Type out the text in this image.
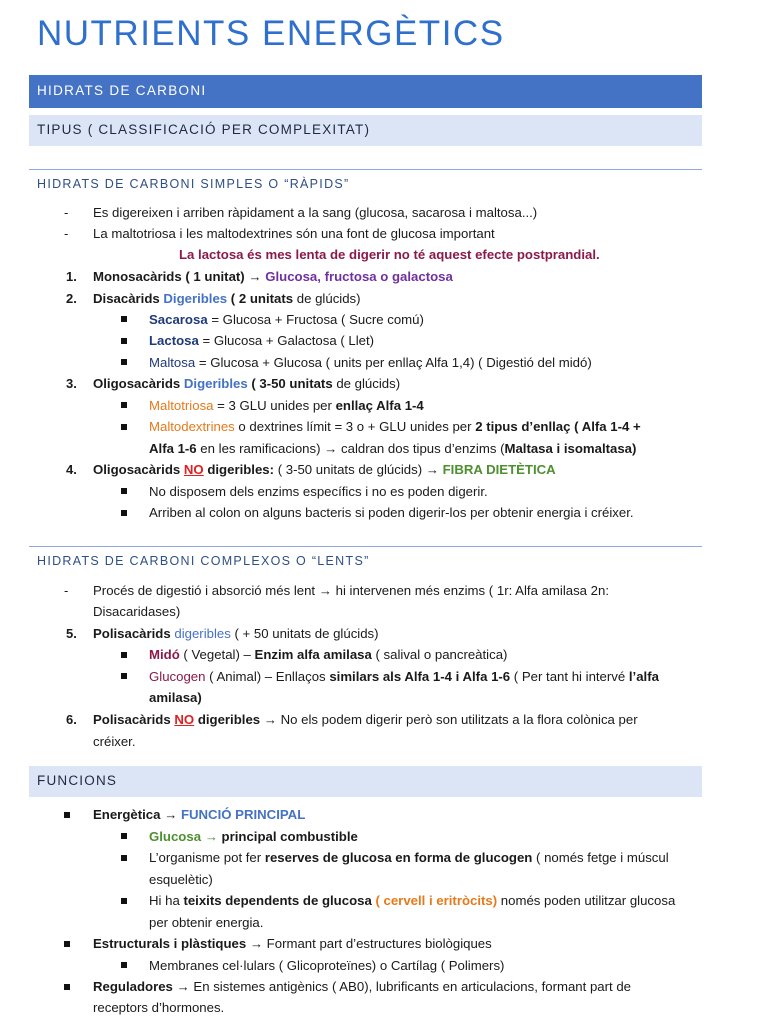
NUTRIENTS ENERGÈTICS
HIDRATS DE CARBONI
TIPUS ( CLASSIFICACIÓ PER COMPLEXITAT)
HIDRATS DE CARBONI SIMPLES O “RÀPIDS”
- Es digereixen i arriben ràpidament a la sang (glucosa, sacarosa i maltosa...)
- La maltotriosa i les maltodextrines són una font de glucosa important
La lactosa és mes lenta de digerir no té aquest efecte postprandial.
1. Monosacàrids ( 1 unitat) → Glucosa, fructosa o galactosa
2. Disacàrids Digeribles ( 2 unitats de glúcids)
Sacarosa = Glucosa + Fructosa ( Sucre comú)
Lactosa = Glucosa + Galactosa ( Llet)
Maltosa = Glucosa + Glucosa ( units per enllaç Alfa 1,4) ( Digestió del midó)
3. Oligosacàrids Digeribles ( 3-50 unitats de glúcids)
Maltotriosa = 3 GLU unides per enllaç Alfa 1-4
Maltodextrines o dextrines límit = 3 o + GLU unides per 2 tipus d’enllaç ( Alfa 1-4 +
Alfa 1-6 en les ramificacions) → caldran dos tipus d’enzims (Maltasa i isomaltasa)
4. Oligosacàrids NO digeribles: ( 3-50 unitats de glúcids) → FIBRA DIETÈTICA
No disposem dels enzims específics i no es poden digerir.
Arriben al colon on alguns bacteris si poden digerir-los per obtenir energia i créixer.
HIDRATS DE CARBONI COMPLEXOS O “LENTS”
- Procés de digestió i absorció més lent → hi intervenen més enzims ( 1r: Alfa amilasa 2n:
Disacaridases)
5. Polisacàrids digeribles ( + 50 unitats de glúcids)
Midó ( Vegetal) – Enzim alfa amilasa ( salival o pancreàtica)
Glucogen ( Animal) – Enllaços similars als Alfa 1-4 i Alfa 1-6 ( Per tant hi intervé l’alfa
amilasa)
6. Polisacàrids NO digeribles → No els podem digerir però son utilitzats a la flora colònica per
créixer.
FUNCIONS
Energètica → FUNCIÓ PRINCIPAL
Glucosa → principal combustible
L’organisme pot fer reserves de glucosa en forma de glucogen ( només fetge i múscul
esquelètic)
Hi ha teixits dependents de glucosa ( cervell i eritròcits) només poden utilitzar glucosa
per obtenir energia.
Estructurals i plàstiques → Formant part d’estructures biològiques
Membranes cel·lulars ( Glicoproteïnes) o Cartílag ( Polimers)
Reguladores → En sistemes antigènics ( AB0), lubrificants en articulacions, formant part de
receptors d’hormones.
